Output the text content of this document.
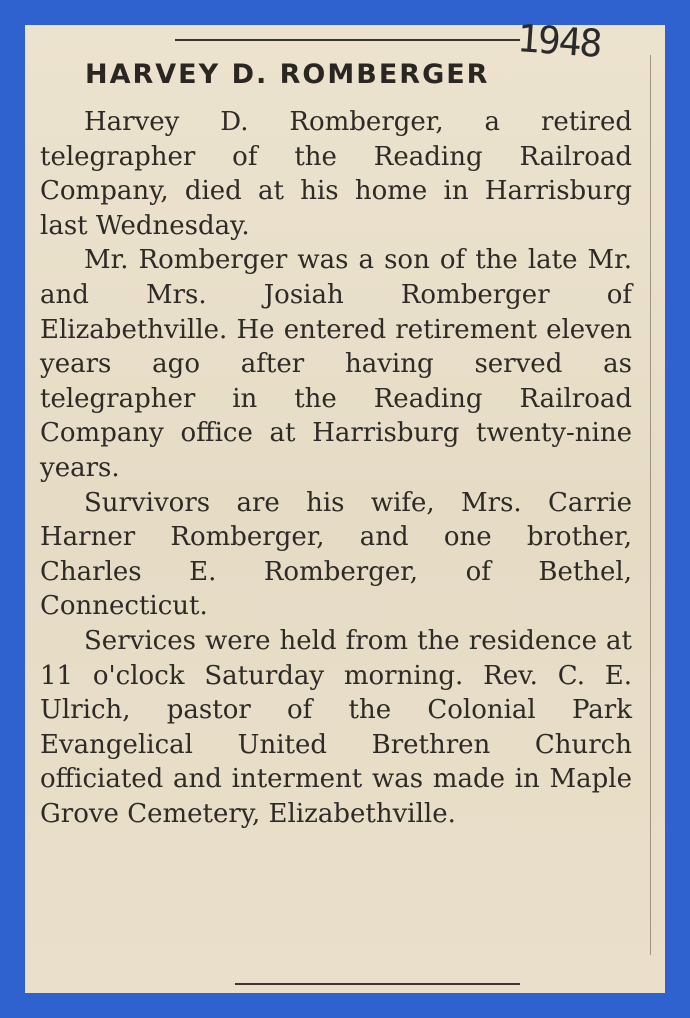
1948
HARVEY D. ROMBERGER

Harvey D. Romberger, a retired telegrapher of the Reading Railroad Company, died at his home in Harrisburg last Wednesday.

Mr. Romberger was a son of the late Mr. and Mrs. Josiah Romberger of Elizabethville. He entered retirement eleven years ago after having served as telegrapher in the Reading Railroad Company office at Harrisburg twenty-nine years.

Survivors are his wife, Mrs. Carrie Harner Romberger, and one brother, Charles E. Romberger, of Bethel, Connecticut.

Services were held from the residence at 11 o'clock Saturday morning. Rev. C. E. Ulrich, pastor of the Colonial Park Evangelical United Brethren Church officiated and interment was made in Maple Grove Cemetery, Elizabethville.
